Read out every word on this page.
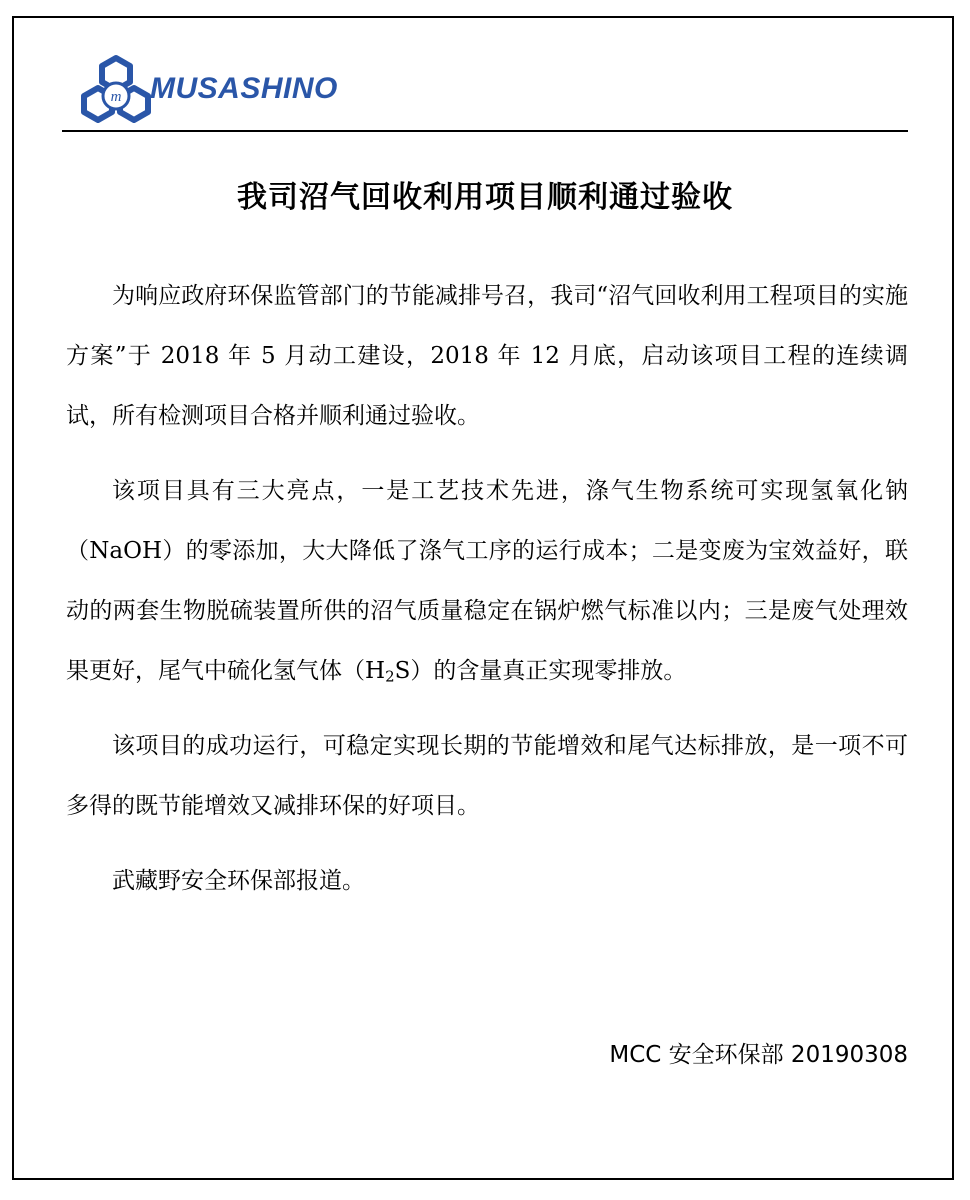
m MUSASHINO
我司沼气回收利用项目顺利通过验收

为响应政府环保监管部门的节能减排号召，我司“沼气回收利用工程项目的实施方案”于 2018 年 5 月动工建设，2018 年 12 月底，启动该项目工程的连续调试，所有检测项目合格并顺利通过验收。

该项目具有三大亮点，一是工艺技术先进，涤气生物系统可实现氢氧化钠（NaOH）的零添加，大大降低了涤气工序的运行成本；二是变废为宝效益好，联动的两套生物脱硫装置所供的沼气质量稳定在锅炉燃气标准以内；三是废气处理效果更好，尾气中硫化氢气体$(H_2S)$的含量真正实现零排放。

该项目的成功运行，可稳定实现长期的节能增效和尾气达标排放，是一项不可多得的既节能增效又减排环保的好项目。

武藏野安全环保部报道。

MCC 安全环保部 20190308
